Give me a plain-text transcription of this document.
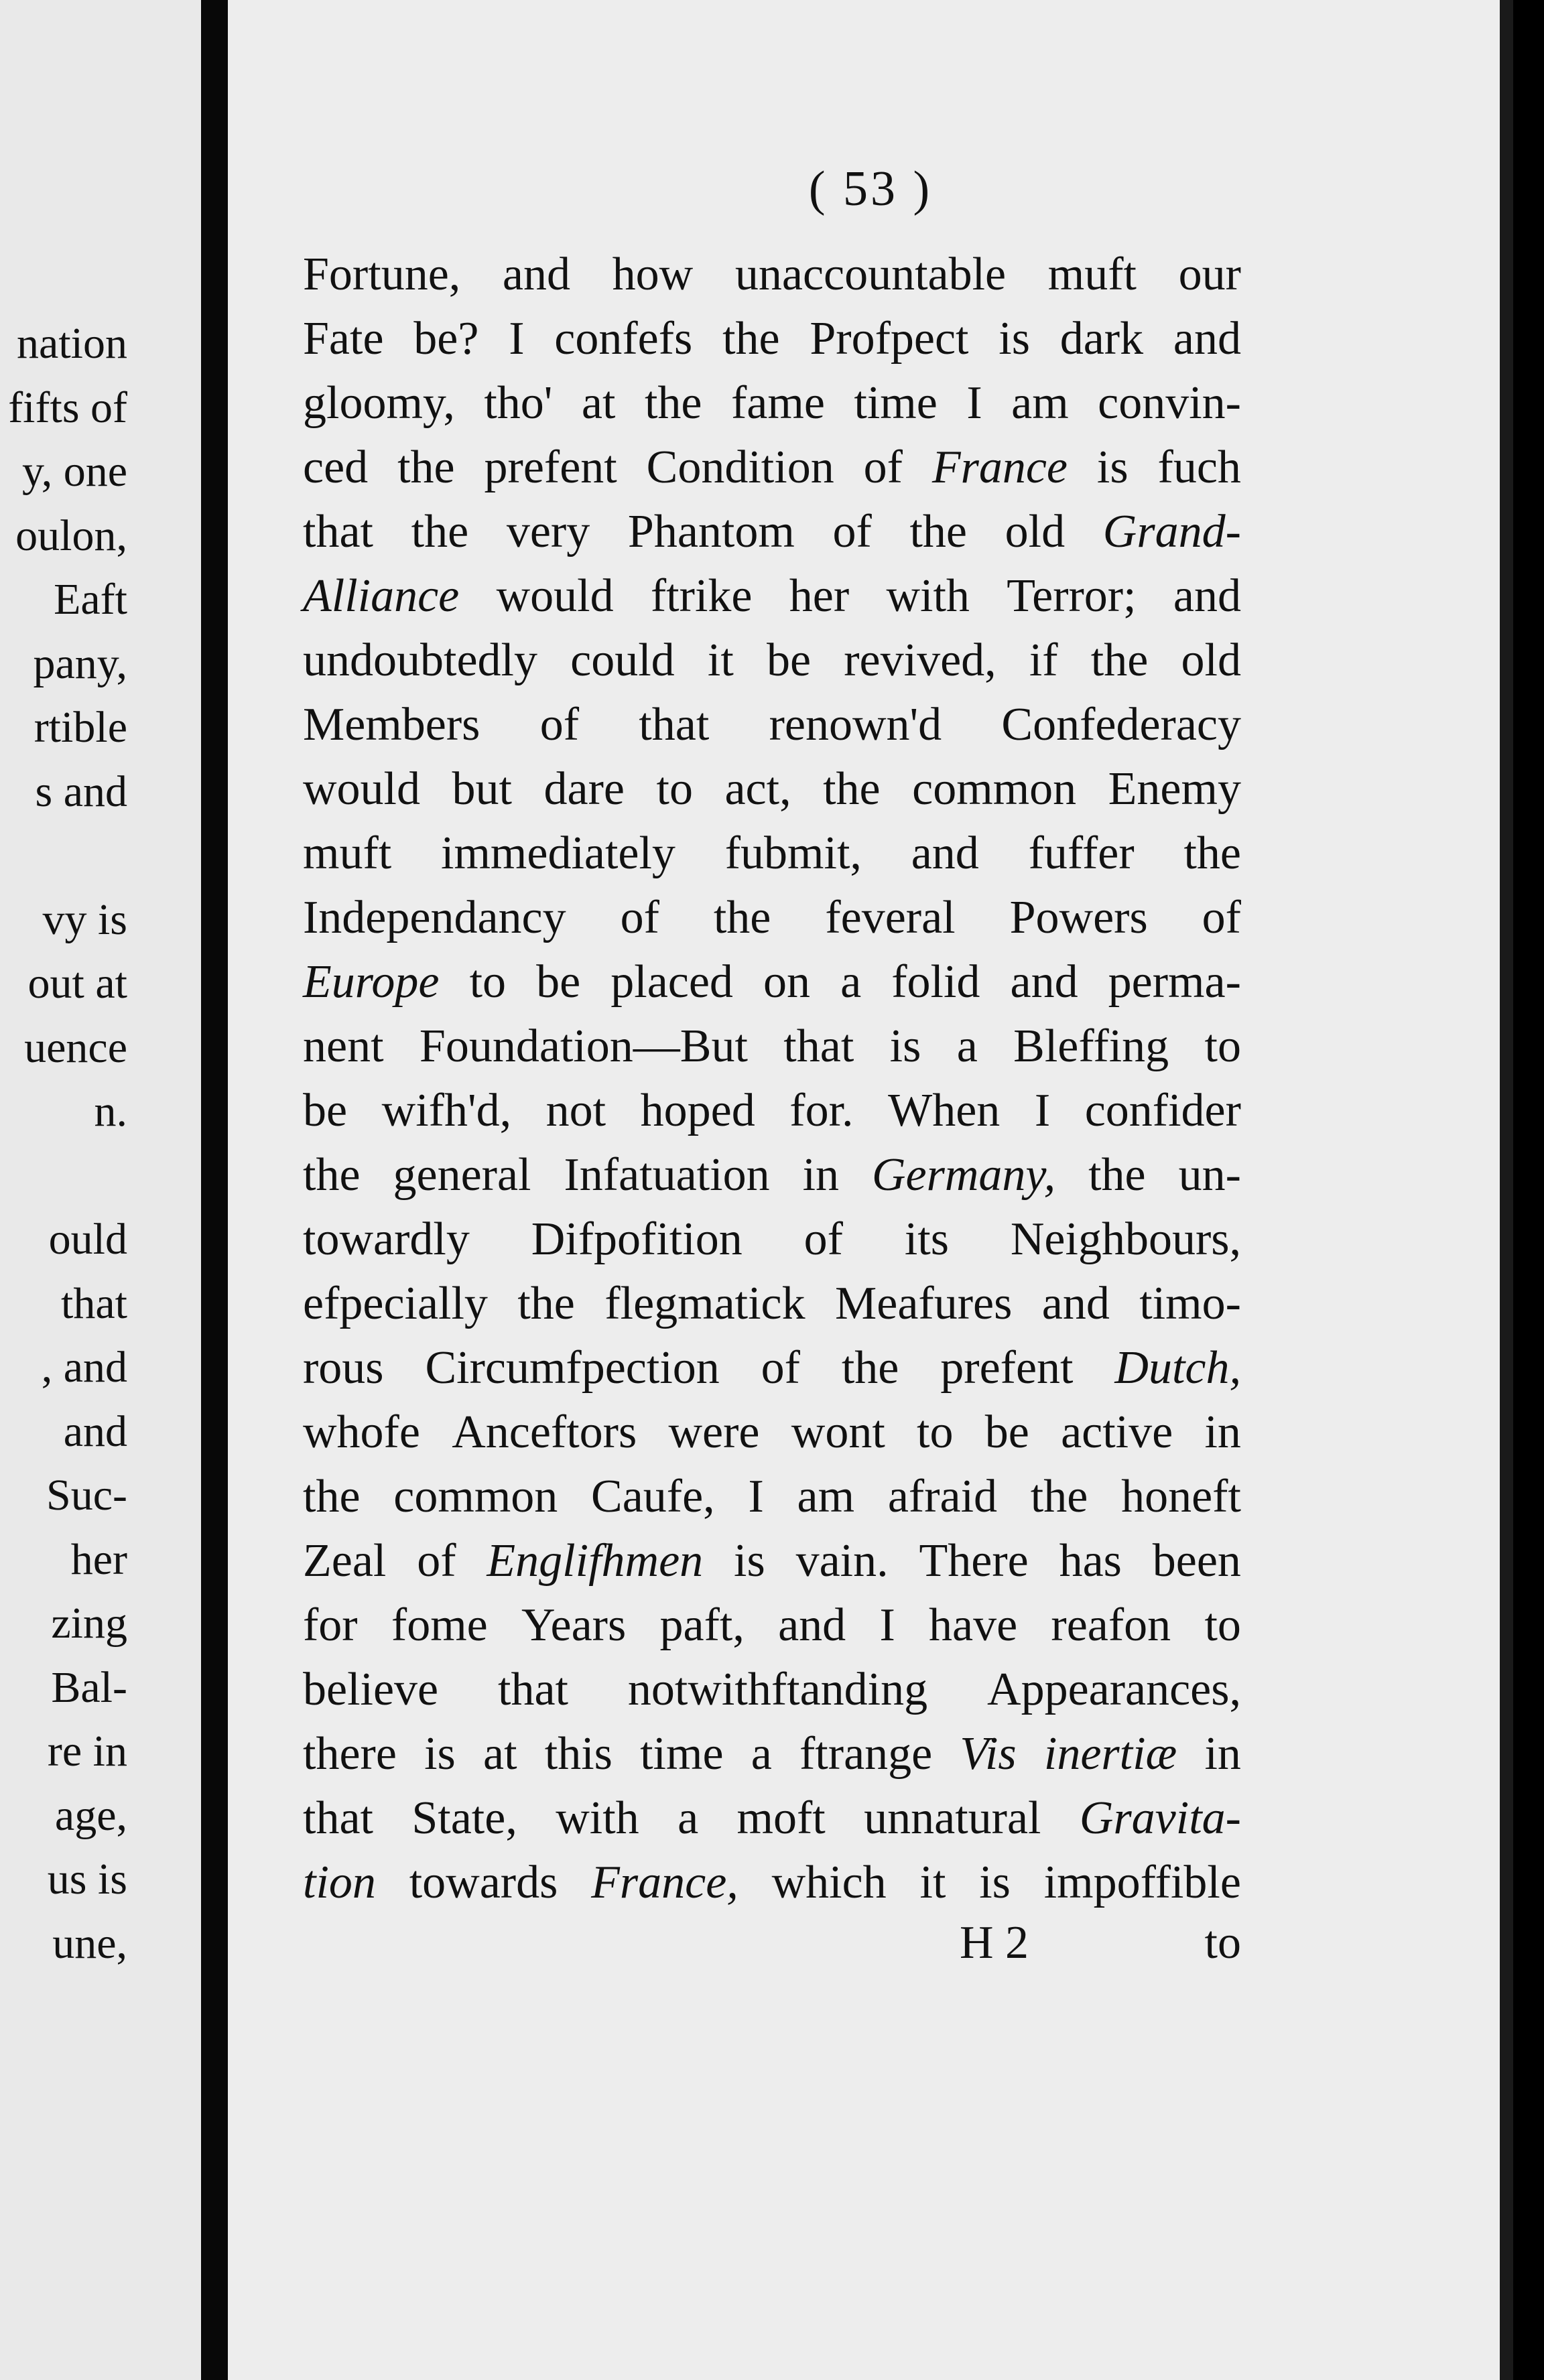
nation
fifts of
y, one
oulon,
Eaft
pany,
rtible
s and
vy is
out at
uence
n.
ould
that
, and
and
Suc-
her
zing
Bal-
re in
age,
us is
une,
( 53 )
Fortune, and how unaccountable muft our
Fate be? I confefs the Profpect is dark and
gloomy, tho' at the fame time I am convin-
ced the prefent Condition of France is fuch
that the very Phantom of the old Grand-
Alliance would ftrike her with Terror; and
undoubtedly could it be revived, if the old
Members of that renown'd Confederacy
would but dare to act, the common Enemy
muft immediately fubmit, and fuffer the
Independancy of the feveral Powers of
Europe to be placed on a folid and perma-
nent Foundation—But that is a Bleffing to
be wifh'd, not hoped for. When I confider
the general Infatuation in Germany, the un-
towardly Difpofition of its Neighbours,
efpecially the flegmatick Meafures and timo-
rous Circumfpection of the prefent Dutch,
whofe Anceftors were wont to be active in
the common Caufe, I am afraid the honeft
Zeal of Englifhmen is vain. There has been
for fome Years paft, and I have reafon to
believe that notwithftanding Appearances,
there is at this time a ftrange Vis inertiæ in
that State, with a moft unnatural Gravita-
tion towards France, which it is impoffible
H 2	to
